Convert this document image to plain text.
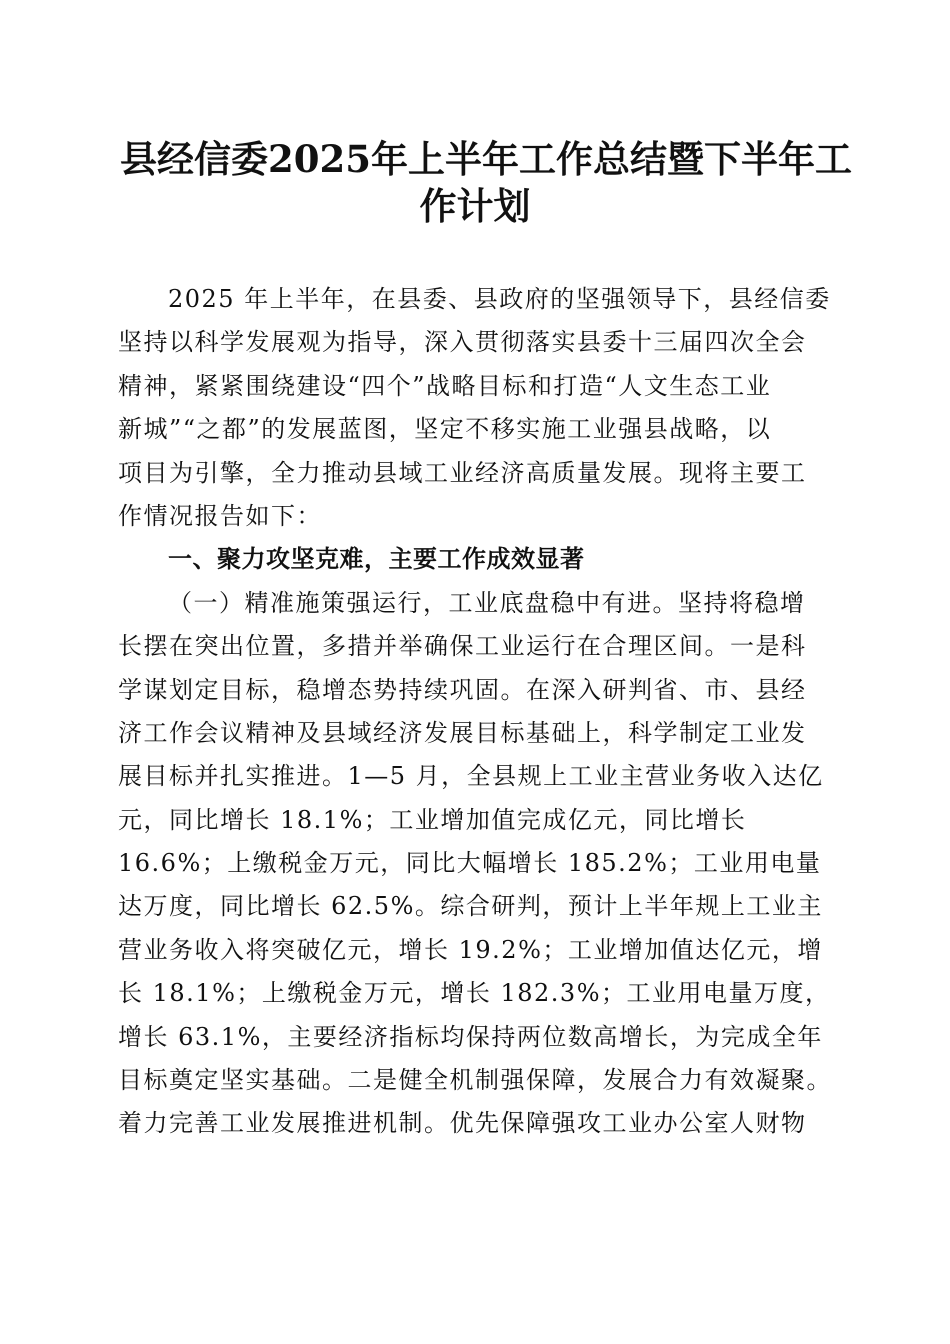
县经信委2025年上半年工作总结暨下半年工
作计划
2025 年上半年，在县委、县政府的坚强领导下，县经信委
坚持以科学发展观为指导，深入贯彻落实县委十三届四次全会
精神，紧紧围绕建设“四个”战略目标和打造“人文生态工业
新城”“之都”的发展蓝图，坚定不移实施工业强县战略，以
项目为引擎，全力推动县域工业经济高质量发展。现将主要工
作情况报告如下：
一、聚力攻坚克难，主要工作成效显著
（一）精准施策强运行，工业底盘稳中有进。坚持将稳增
长摆在突出位置，多措并举确保工业运行在合理区间。一是科
学谋划定目标，稳增态势持续巩固。在深入研判省、市、县经
济工作会议精神及县域经济发展目标基础上，科学制定工业发
展目标并扎实推进。1—5 月，全县规上工业主营业务收入达亿
元，同比增长 18.1%；工业增加值完成亿元，同比增长
16.6%；上缴税金万元，同比大幅增长 185.2%；工业用电量
达万度，同比增长 62.5%。综合研判，预计上半年规上工业主
营业务收入将突破亿元，增长 19.2%；工业增加值达亿元，增
长 18.1%；上缴税金万元，增长 182.3%；工业用电量万度，
增长 63.1%，主要经济指标均保持两位数高增长，为完成全年
目标奠定坚实基础。二是健全机制强保障，发展合力有效凝聚。
着力完善工业发展推进机制。优先保障强攻工业办公室人财物
